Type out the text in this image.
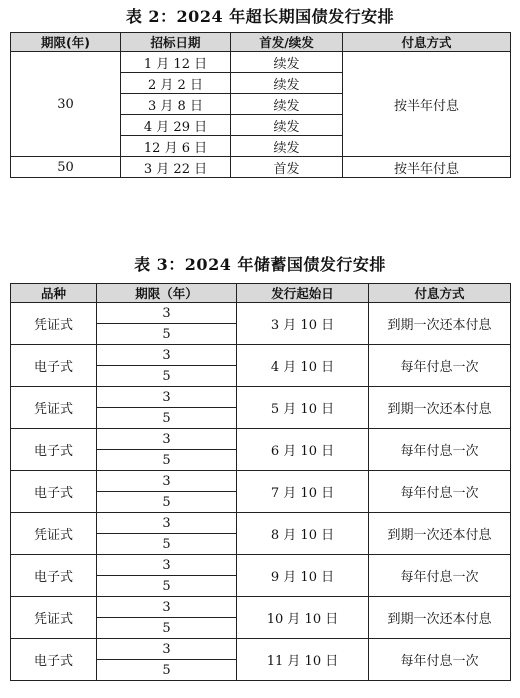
表 2：2024 年超长期国债发行安排
期限(年)	招标日期	首发/续发	付息方式
30	1 月 12 日	续发	按半年付息
	2 月 2 日	续发	
	3 月 8 日	续发	
	4 月 29 日	续发	
	12 月 6 日	续发	
50	3 月 22 日	首发	按半年付息
表 3：2024 年储蓄国债发行安排
品种	期限（年）	发行起始日	付息方式
凭证式	3	3 月 10 日	到期一次还本付息
	5		
电子式	3	4 月 10 日	每年付息一次
	5		
凭证式	3	5 月 10 日	到期一次还本付息
	5		
电子式	3	6 月 10 日	每年付息一次
	5		
电子式	3	7 月 10 日	每年付息一次
	5		
凭证式	3	8 月 10 日	到期一次还本付息
	5		
电子式	3	9 月 10 日	每年付息一次
	5		
凭证式	3	10 月 10 日	到期一次还本付息
	5		
电子式	3	11 月 10 日	每年付息一次
	5		
